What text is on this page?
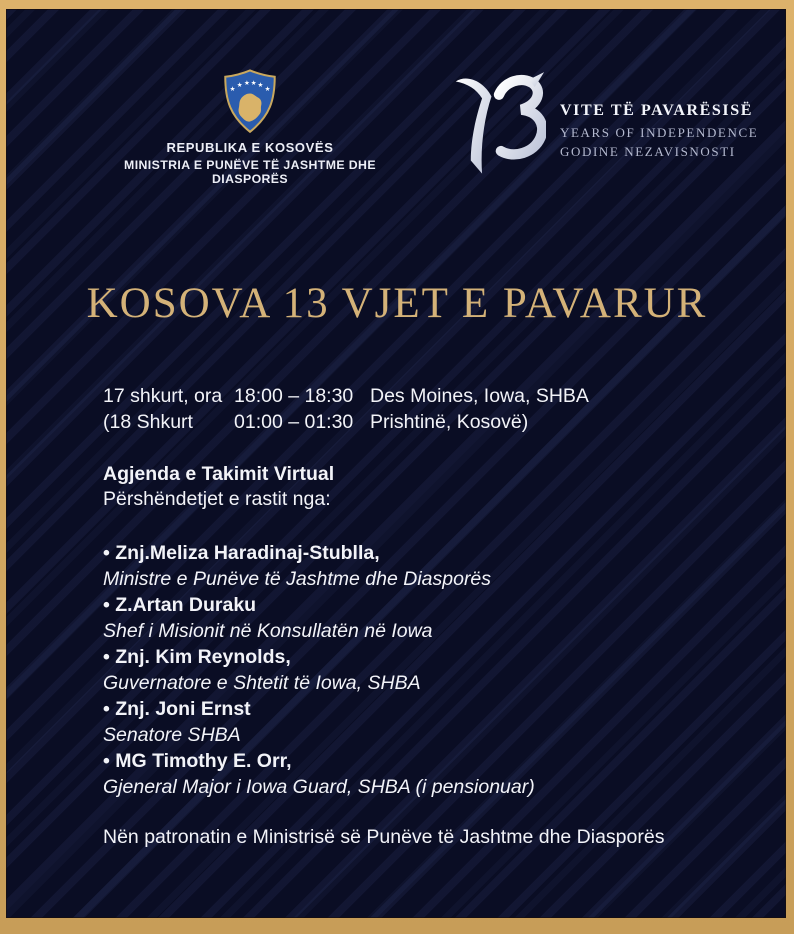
★
★ ★ ★ ★
★
REPUBLIKA E KOSOVËS
MINISTRIA E PUNËVE TË JASHTME DHE DIASPORËS
VITE TË PAVARËSISË
YEARS OF INDEPENDENCE
GODINE NEZAVISNOSTI
KOSOVA 13 VJET E PAVARUR
17 shkurt, ora 18:00 – 18:30 Des Moines, Iowa, SHBA
(18 Shkurt	01:00 – 01:30 Prishtinë, Kosovë)
Agjenda e Takimit Virtual
Përshëndetjet e rastit nga:
• Znj.Meliza Haradinaj-Stublla,
Ministre e Punëve të Jashtme dhe Diasporës
• Z.Artan Duraku
Shef i Misionit në Konsullatën në Iowa
• Znj. Kim Reynolds,
Guvernatore e Shtetit të Iowa, SHBA
• Znj. Joni Ernst
Senatore SHBA
• MG Timothy E. Orr,
Gjeneral Major i Iowa Guard, SHBA (i pensionuar)
Nën patronatin e Ministrisë së Punëve të Jashtme dhe Diasporës
